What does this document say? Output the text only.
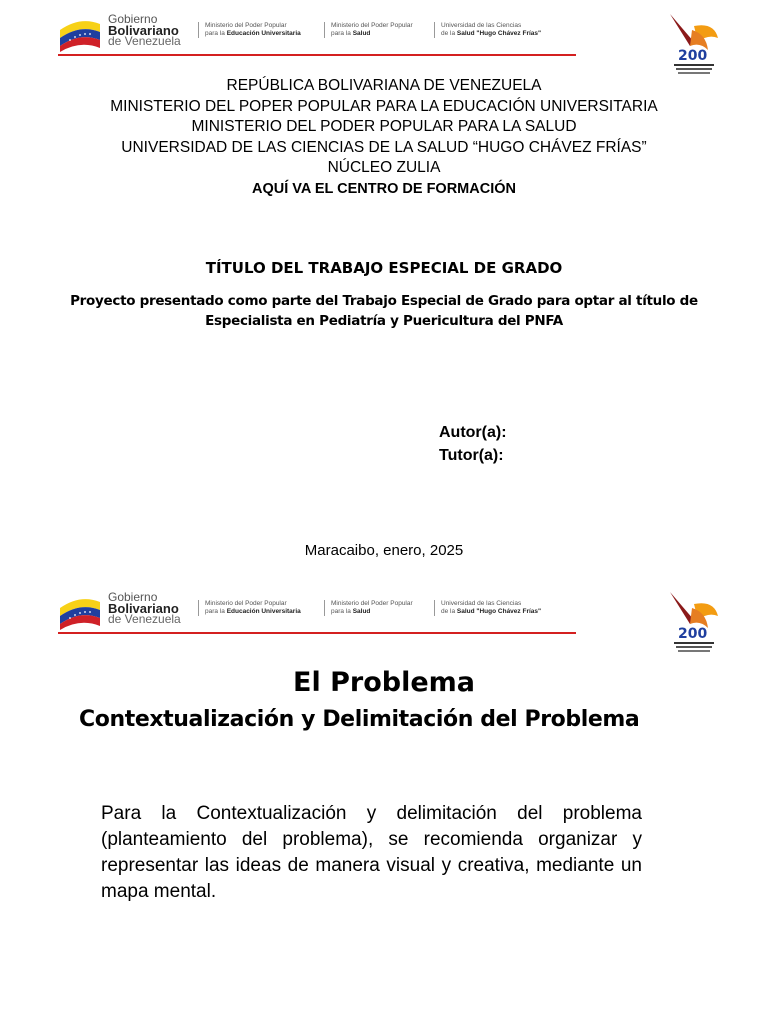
Gobierno
Bolivariano
de Venezuela
Ministerio del Poder Popular
para la Educación Universitaria
Ministerio del Poder Popular
para la Salud
Universidad de las Ciencias
de la Salud "Hugo Chávez Frías"
200
REPÚBLICA BOLIVARIANA DE VENEZUELA
MINISTERIO DEL POPER POPULAR PARA LA EDUCACIÓN UNIVERSITARIA
MINISTERIO DEL PODER POPULAR PARA LA SALUD
UNIVERSIDAD DE LAS CIENCIAS DE LA SALUD “HUGO CHÁVEZ FRÍAS”
NÚCLEO ZULIA
AQUÍ VA EL CENTRO DE FORMACIÓN
TÍTULO DEL TRABAJO ESPECIAL DE GRADO
Proyecto presentado como parte del Trabajo Especial de Grado para optar al título de
Especialista en Pediatría y Puericultura del PNFA
Autor(a):
Tutor(a):
Maracaibo, enero, 2025
Gobierno
Bolivariano
de Venezuela
Ministerio del Poder Popular
para la Educación Universitaria
Ministerio del Poder Popular
para la Salud
Universidad de las Ciencias
de la Salud "Hugo Chávez Frías"
200
El Problema
Contextualización y Delimitación del Problema
Para la Contextualización y delimitación del problema (planteamiento del problema), se recomienda organizar y representar las ideas de manera visual y creativa, mediante un mapa mental.
